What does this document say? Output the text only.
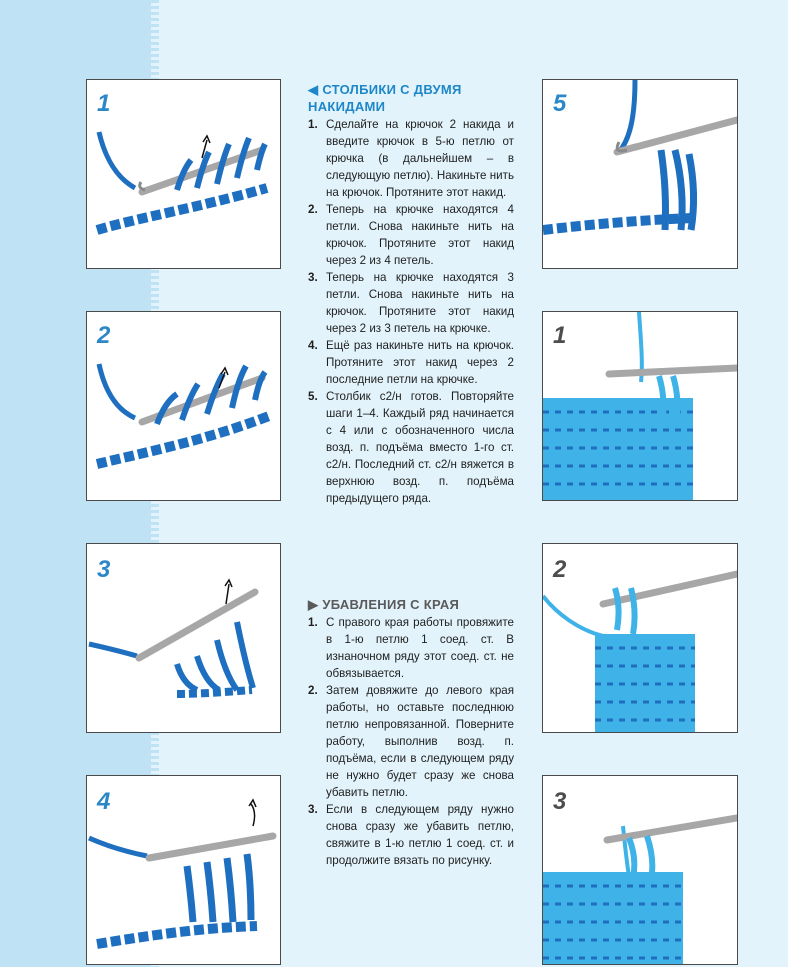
1
2
3
4
5
1
2
3
◀ СТОЛБИКИ С ДВУМЯ
НАКИДАМИ
1. Сделайте на крючок 2 накида и введите крючок в 5-ю петлю от крючка (в дальнейшем – в следующую петлю). Накиньте нить на крючок. Протяните этот накид.
2. Теперь на крючке находятся 4 петли. Снова накиньте нить на крючок. Протяните этот накид через 2 из 4 петель.
3. Теперь на крючке находятся 3 петли. Снова накиньте нить на крючок. Протяните этот накид через 2 из 3 петель на крючке.
4. Ещё раз накиньте нить на крючок. Протяните этот накид через 2 последние петли на крючке.
5. Столбик с2/н готов. Повторяйте шаги 1–4. Каждый ряд начинается с 4 или с обозначенного числа возд. п. подъёма вместо 1-го ст. с2/н. Последний ст. с2/н вяжется в верхнюю возд. п. подъёма предыдущего ряда.
▶ УБАВЛЕНИЯ С КРАЯ
1. С правого края работы провяжите в 1-ю петлю 1 соед. ст. В изнаночном ряду этот соед. ст. не обвязывается.
2. Затем довяжите до левого края работы, но оставьте последнюю петлю непровязанной. Поверните работу, выполнив возд. п. подъёма, если в следующем ряду не нужно будет сразу же снова убавить петлю.
3. Если в следующем ряду нужно снова сразу же убавить петлю, свяжите в 1-ю петлю 1 соед. ст. и продолжите вязать по рисунку.
